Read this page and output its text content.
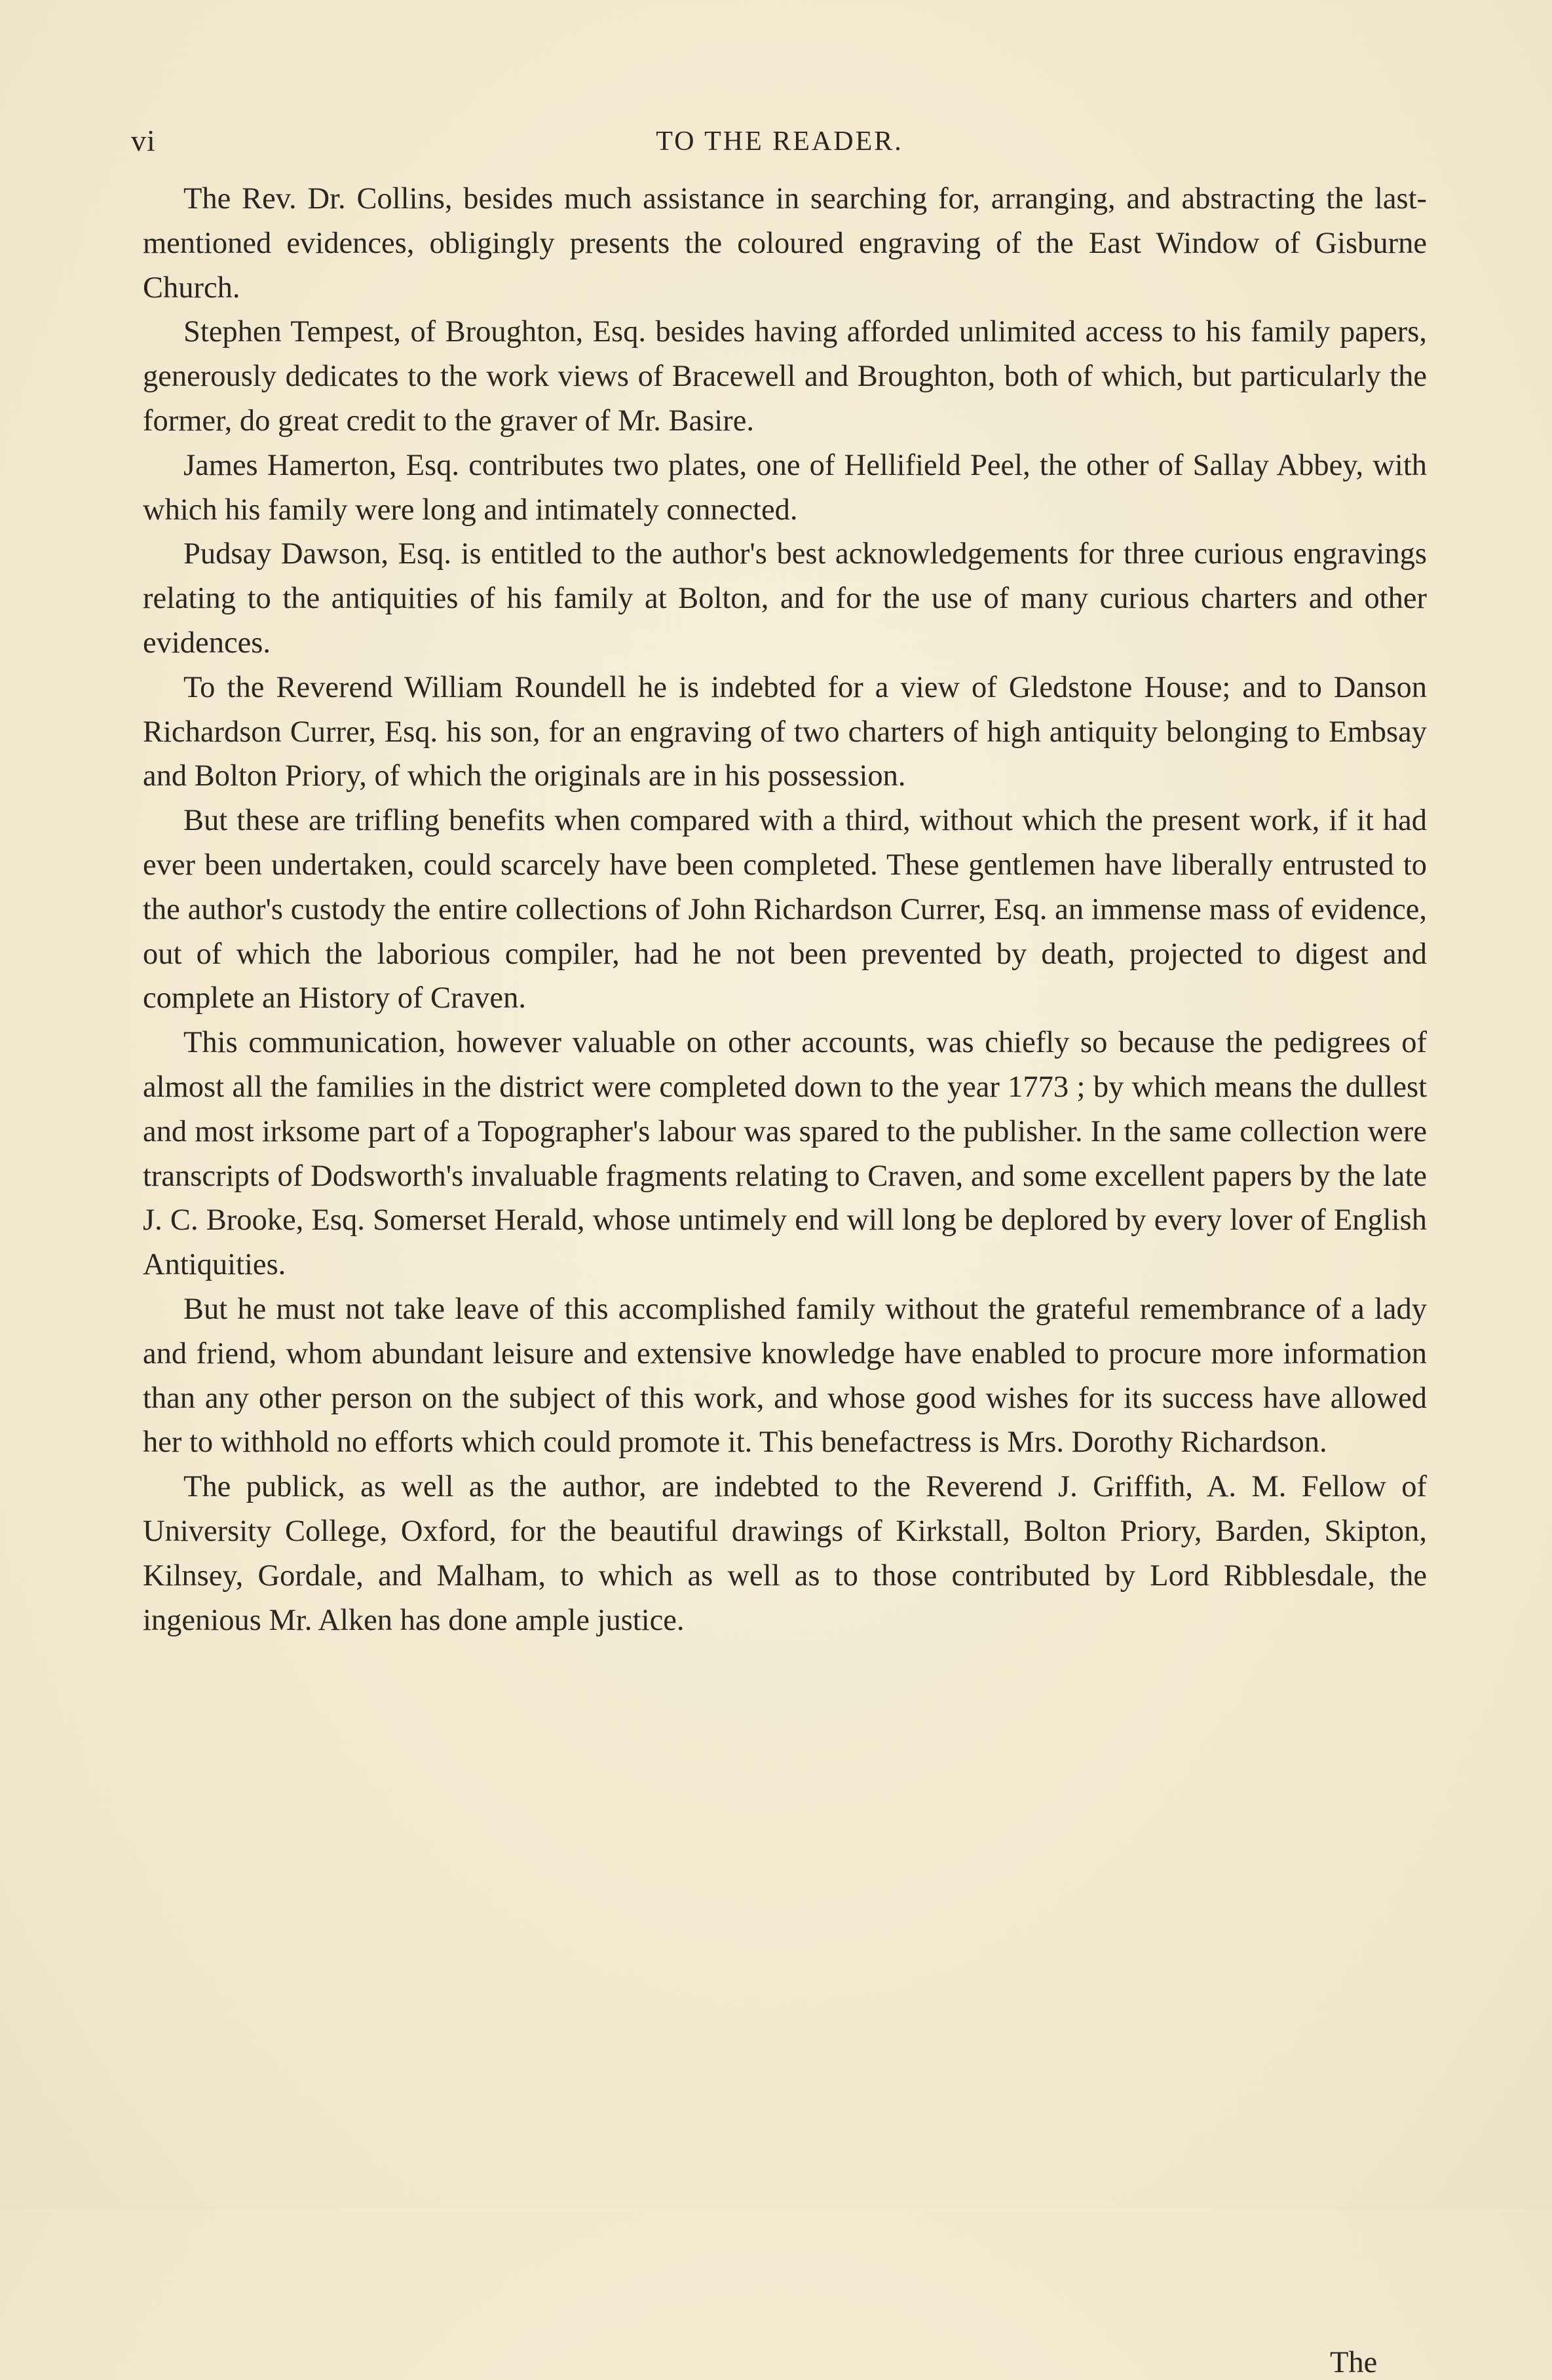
vi	TO THE READER.

The Rev. Dr. Collins, besides much assistance in searching for, arranging, and abstracting the last-mentioned evidences, obligingly presents the coloured engraving of the East Window of Gisburne Church.

Stephen Tempest, of Broughton, Esq. besides having afforded unlimited access to his family papers, generously dedicates to the work views of Bracewell and Broughton, both of which, but particularly the former, do great credit to the graver of Mr. Basire.

James Hamerton, Esq. contributes two plates, one of Hellifield Peel, the other of Sallay Abbey, with which his family were long and intimately connected.

Pudsay Dawson, Esq. is entitled to the author's best acknowledgements for three curious engravings relating to the antiquities of his family at Bolton, and for the use of many curious charters and other evidences.

To the Reverend William Roundell he is indebted for a view of Gledstone House; and to Danson Richardson Currer, Esq. his son, for an engraving of two charters of high antiquity belonging to Embsay and Bolton Priory, of which the originals are in his possession.

But these are trifling benefits when compared with a third, without which the present work, if it had ever been undertaken, could scarcely have been completed. These gentlemen have liberally entrusted to the author's custody the entire collections of John Richardson Currer, Esq. an immense mass of evidence, out of which the laborious compiler, had he not been prevented by death, projected to digest and complete an History of Craven.

This communication, however valuable on other accounts, was chiefly so because the pedigrees of almost all the families in the district were completed down to the year 1773 ; by which means the dullest and most irksome part of a Topographer's labour was spared to the publisher. In the same collection were transcripts of Dodsworth's invaluable fragments relating to Craven, and some excellent papers by the late J. C. Brooke, Esq. Somerset Herald, whose untimely end will long be deplored by every lover of English Antiquities.

But he must not take leave of this accomplished family without the grateful remembrance of a lady and friend, whom abundant leisure and extensive knowledge have enabled to procure more information than any other person on the subject of this work, and whose good wishes for its success have allowed her to withhold no efforts which could promote it. This benefactress is Mrs. Dorothy Richardson.

The publick, as well as the author, are indebted to the Reverend J. Griffith, A. M. Fellow of University College, Oxford, for the beautiful drawings of Kirkstall, Bolton Priory, Barden, Skipton, Kilnsey, Gordale, and Malham, to which as well as to those contributed by Lord Ribblesdale, the ingenious Mr. Alken has done ample justice.

The
